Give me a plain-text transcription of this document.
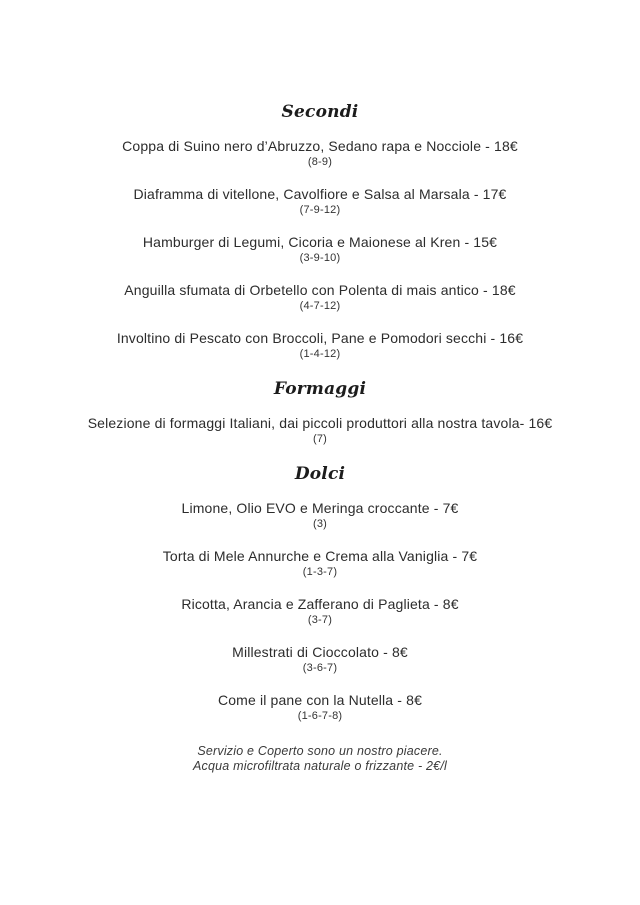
Secondi
Coppa di Suino nero d’Abruzzo, Sedano rapa e Nocciole - 18€
(8-9)
Diaframma di vitellone, Cavolfiore e Salsa al Marsala - 17€
(7-9-12)
Hamburger di Legumi, Cicoria e Maionese al Kren - 15€
(3-9-10)
Anguilla sfumata di Orbetello con Polenta di mais antico - 18€
(4-7-12)
Involtino di Pescato con Broccoli, Pane e Pomodori secchi - 16€
(1-4-12)
Formaggi
Selezione di formaggi Italiani, dai piccoli produttori alla nostra tavola- 16€
(7)
Dolci
Limone, Olio EVO e Meringa croccante - 7€
(3)
Torta di Mele Annurche e Crema alla Vaniglia - 7€
(1-3-7)
Ricotta, Arancia e Zafferano di Paglieta - 8€
(3-7)
Millestrati di Cioccolato - 8€
(3-6-7)
Come il pane con la Nutella - 8€
(1-6-7-8)
Servizio e Coperto sono un nostro piacere.
Acqua microfiltrata naturale o frizzante - 2€/l
